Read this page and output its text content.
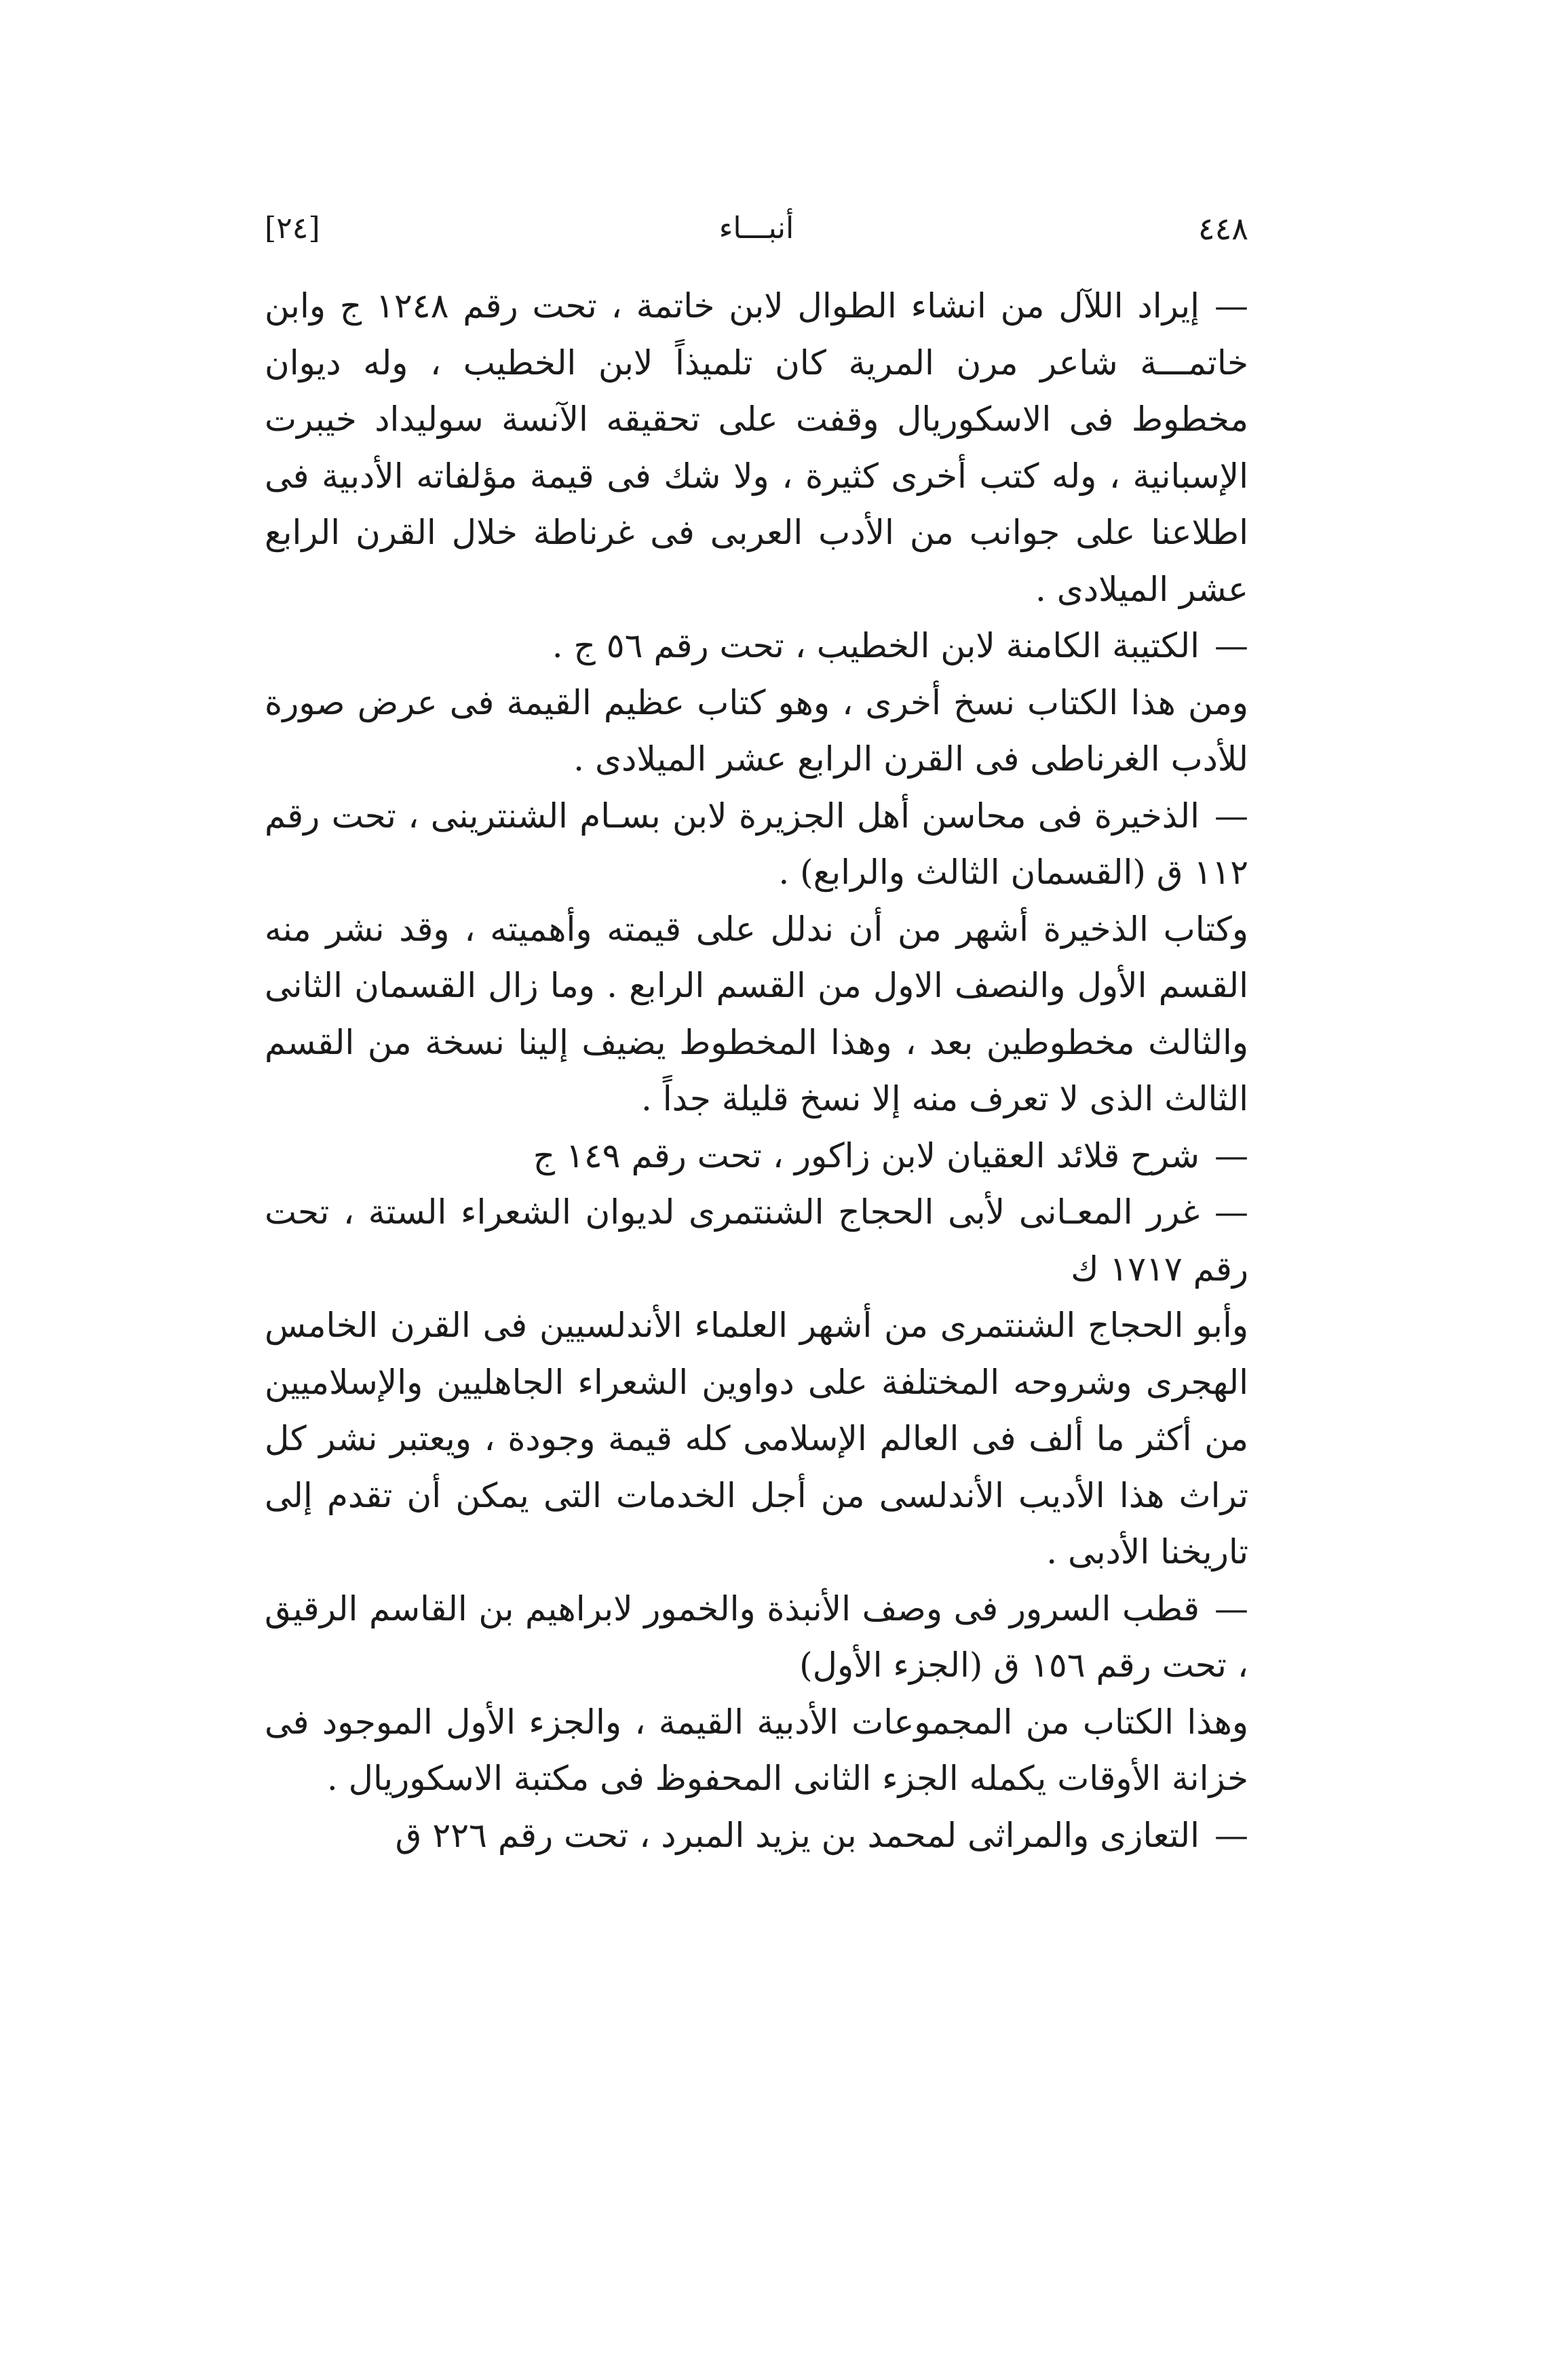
[٢٤]	أنبـــاء	٤٤٨

—إيراد اللآل من انشاء الطوال لابن خاتمة ، تحت رقم ١٢٤٨ ج وابن خاتمـــة شاعر مرن المرية كان تلميذاً لابن الخطيب ، وله ديوان مخطوط فى الاسكوريال وقفت على تحقيقه الآنسة سوليداد خيبرت الإسبانية ، وله كتب أخرى كثيرة ، ولا شك فى قيمة مؤلفاته الأدبية فى اطلاعنا على جوانب من الأدب العربى فى غرناطة خلال القرن الرابع عشر الميلادى .

—الكتيبة الكامنة لابن الخطيب ، تحت رقم ٥٦ ج .

ومن هذا الكتاب نسخ أخرى ، وهو كتاب عظيم القيمة فى عرض صورة للأدب الغرناطى فى القرن الرابع عشر الميلادى .

—الذخيرة فى محاسن أهل الجزيرة لابن بسـام الشنترينى ، تحت رقم ١١٢ ق (القسمان الثالث والرابع) .

وكتاب الذخيرة أشهر من أن ندلل على قيمته وأهميته ، وقد نشر منه القسم الأول والنصف الاول من القسم الرابع . وما زال القسمان الثانى والثالث مخطوطين بعد ، وهذا المخطوط يضيف إلينا نسخة من القسم الثالث الذى لا تعرف منه إلا نسخ قليلة جداً .

—شرح قلائد العقيان لابن زاكور ، تحت رقم ١٤٩ ج

—غرر المعـانى لأبى الحجاج الشنتمرى لديوان الشعراء الستة ، تحت رقم ١٧١٧ ك

وأبو الحجاج الشنتمرى من أشهر العلماء الأندلسيين فى القرن الخامس الهجرى وشروحه المختلفة على دواوين الشعراء الجاهليين والإسلاميين من أكثر ما ألف فى العالم الإسلامى كله قيمة وجودة ، ويعتبر نشر كل تراث هذا الأديب الأندلسى من أجل الخدمات التى يمكن أن تقدم إلى تاريخنا الأدبى .

—قطب السرور فى وصف الأنبذة والخمور لابراهيم بن القاسم الرقيق ، تحت رقم ١٥٦ ق (الجزء الأول)

وهذا الكتاب من المجموعات الأدبية القيمة ، والجزء الأول الموجود فى خزانة الأوقات يكمله الجزء الثانى المحفوظ فى مكتبة الاسكوريال .

—التعازى والمراثى لمحمد بن يزيد المبرد ، تحت رقم ٢٢٦ ق
